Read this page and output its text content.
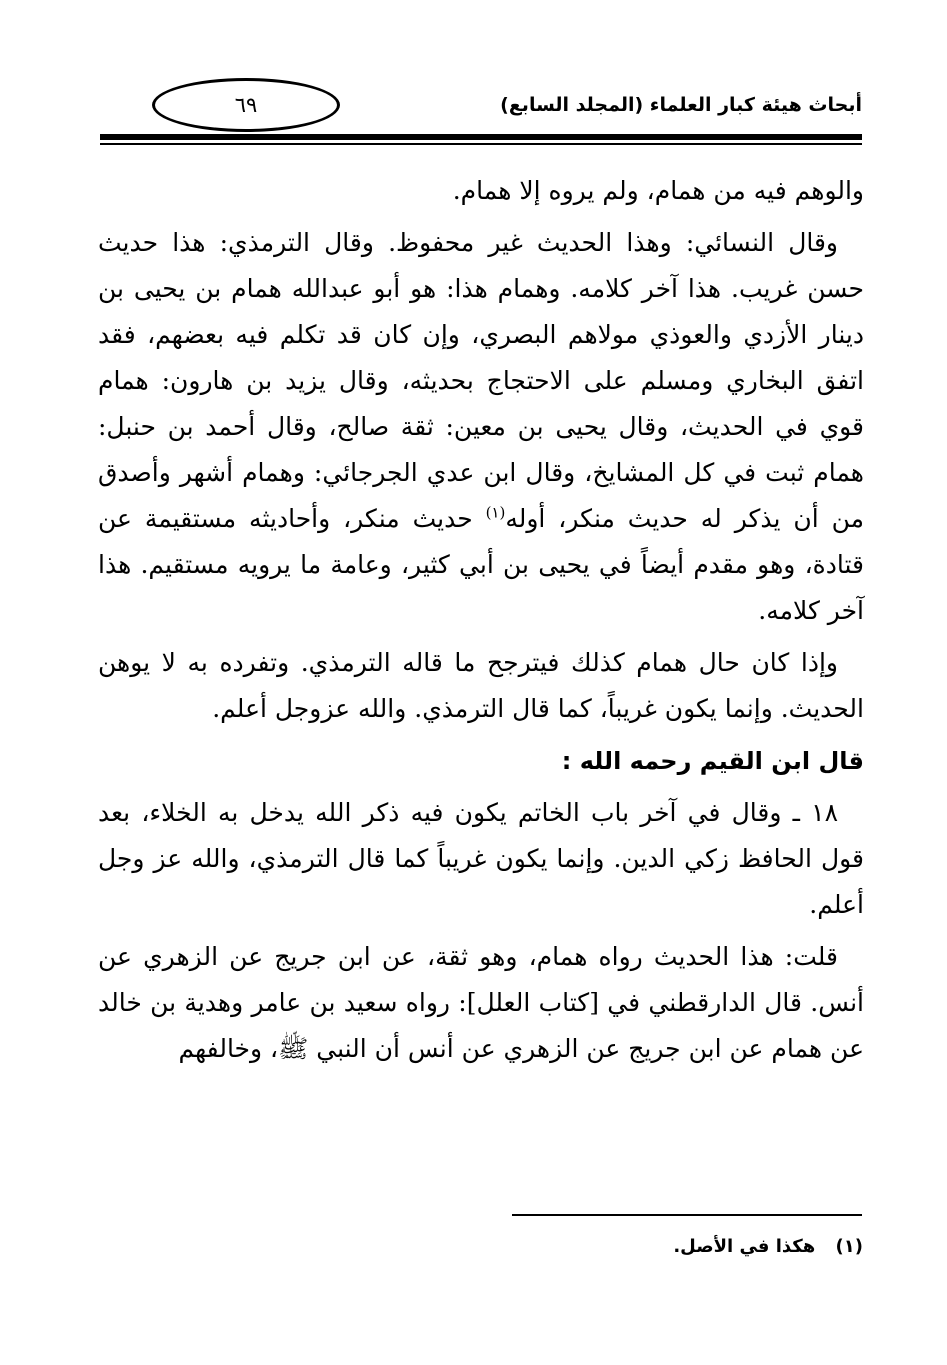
٦٩	أبحاث هيئة كبار العلماء (المجلد السابع)

والوهم فيه من همام، ولم يروه إلا همام.

وقال النسائي: وهذا الحديث غير محفوظ. وقال الترمذي: هذا حديث حسن غريب. هذا آخر كلامه. وهمام هذا: هو أبو عبدالله همام بن يحيى بن دينار الأزدي والعوذي مولاهم البصري، وإن كان قد تكلم فيه بعضهم، فقد اتفق البخاري ومسلم على الاحتجاج بحديثه، وقال يزيد بن هارون: همام قوي في الحديث، وقال يحيى بن معين: ثقة صالح، وقال أحمد بن حنبل: همام ثبت في كل المشايخ، وقال ابن عدي الجرجائي: وهمام أشهر وأصدق من أن يذكر له حديث منكر، أوله$^{(١)}$ حديث منكر، وأحاديثه مستقيمة عن قتادة، وهو مقدم أيضاً في يحيى بن أبي كثير، وعامة ما يرويه مستقيم. هذا آخر كلامه.

وإذا كان حال همام كذلك فيترجح ما قاله الترمذي. وتفرده به لا يوهن الحديث. وإنما يكون غريباً، كما قال الترمذي. والله عزوجل أعلم.

قال ابن القيم رحمه الله :

١٨ ـ وقال في آخر باب الخاتم يكون فيه ذكر الله يدخل به الخلاء، بعد قول الحافظ زكي الدين. وإنما يكون غريباً كما قال الترمذي، والله عز وجل أعلم.

قلت: هذا الحديث رواه همام، وهو ثقة، عن ابن جريج عن الزهري عن أنس. قال الدارقطني في [كتاب العلل]: رواه سعيد بن عامر وهدية بن خالد عن همام عن ابن جريج عن الزهري عن أنس أن النبي ﷺ، وخالفهم

(١) هكذا في الأصل.
